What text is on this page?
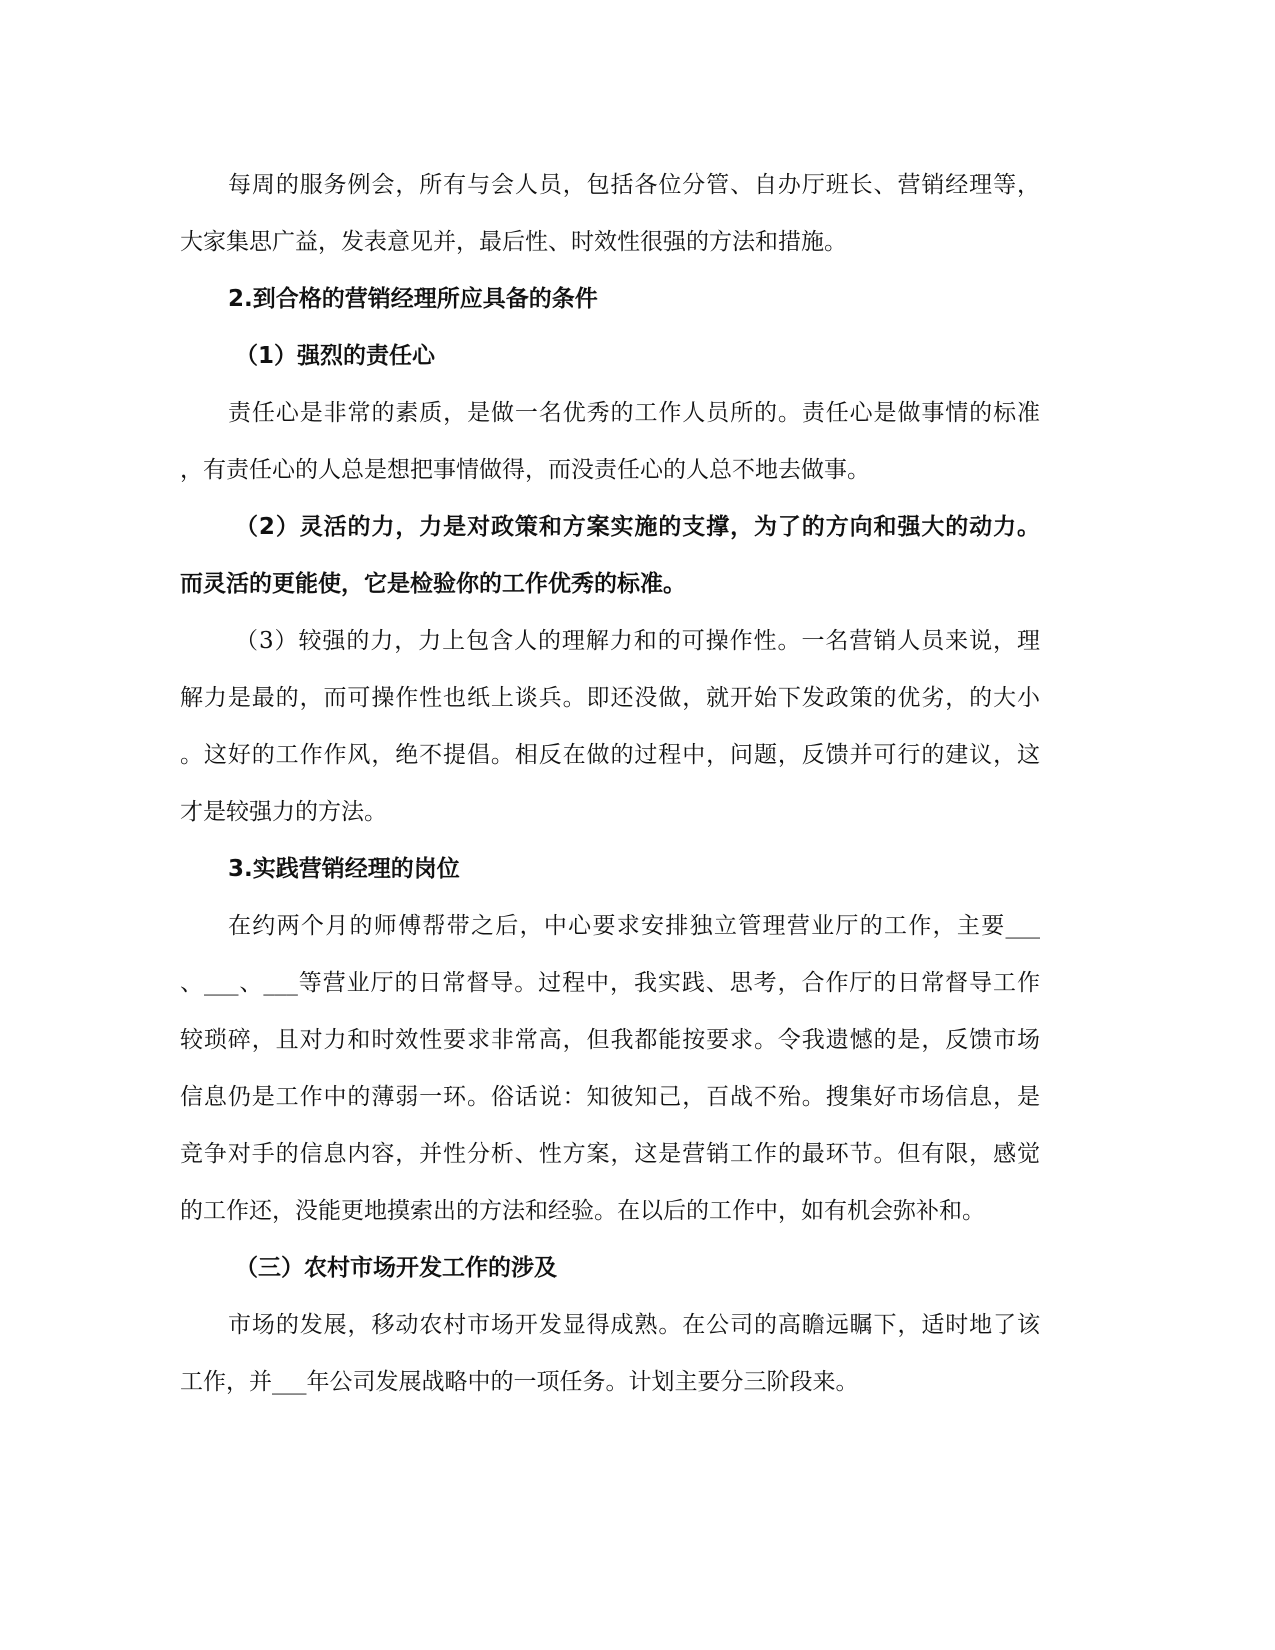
每周的服务例会，所有与会人员，包括各位分管、自办厅班长、营销经理等，
大家集思广益，发表意见并，最后性、时效性很强的方法和措施。
2.到合格的营销经理所应具备的条件
（1）强烈的责任心
责任心是非常的素质，是做一名优秀的工作人员所的。责任心是做事情的标准
，有责任心的人总是想把事情做得，而没责任心的人总不地去做事。
（2）灵活的力，力是对政策和方案实施的支撑，为了的方向和强大的动力。
而灵活的更能使，它是检验你的工作优秀的标准。
（3）较强的力，力上包含人的理解力和的可操作性。一名营销人员来说，理
解力是最的，而可操作性也纸上谈兵。即还没做，就开始下发政策的优劣，的大小
。这好的工作作风，绝不提倡。相反在做的过程中，问题，反馈并可行的建议，这
才是较强力的方法。
3.实践营销经理的岗位
在约两个月的师傅帮带之后，中心要求安排独立管理营业厅的工作，主要___
、___、___等营业厅的日常督导。过程中，我实践、思考，合作厅的日常督导工作
较琐碎，且对力和时效性要求非常高，但我都能按要求。令我遗憾的是，反馈市场
信息仍是工作中的薄弱一环。俗话说：知彼知己，百战不殆。搜集好市场信息，是
竞争对手的信息内容，并性分析、性方案，这是营销工作的最环节。但有限，感觉
的工作还，没能更地摸索出的方法和经验。在以后的工作中，如有机会弥补和。
（三）农村市场开发工作的涉及
市场的发展，移动农村市场开发显得成熟。在公司的高瞻远瞩下，适时地了该
工作，并___年公司发展战略中的一项任务。计划主要分三阶段来。
